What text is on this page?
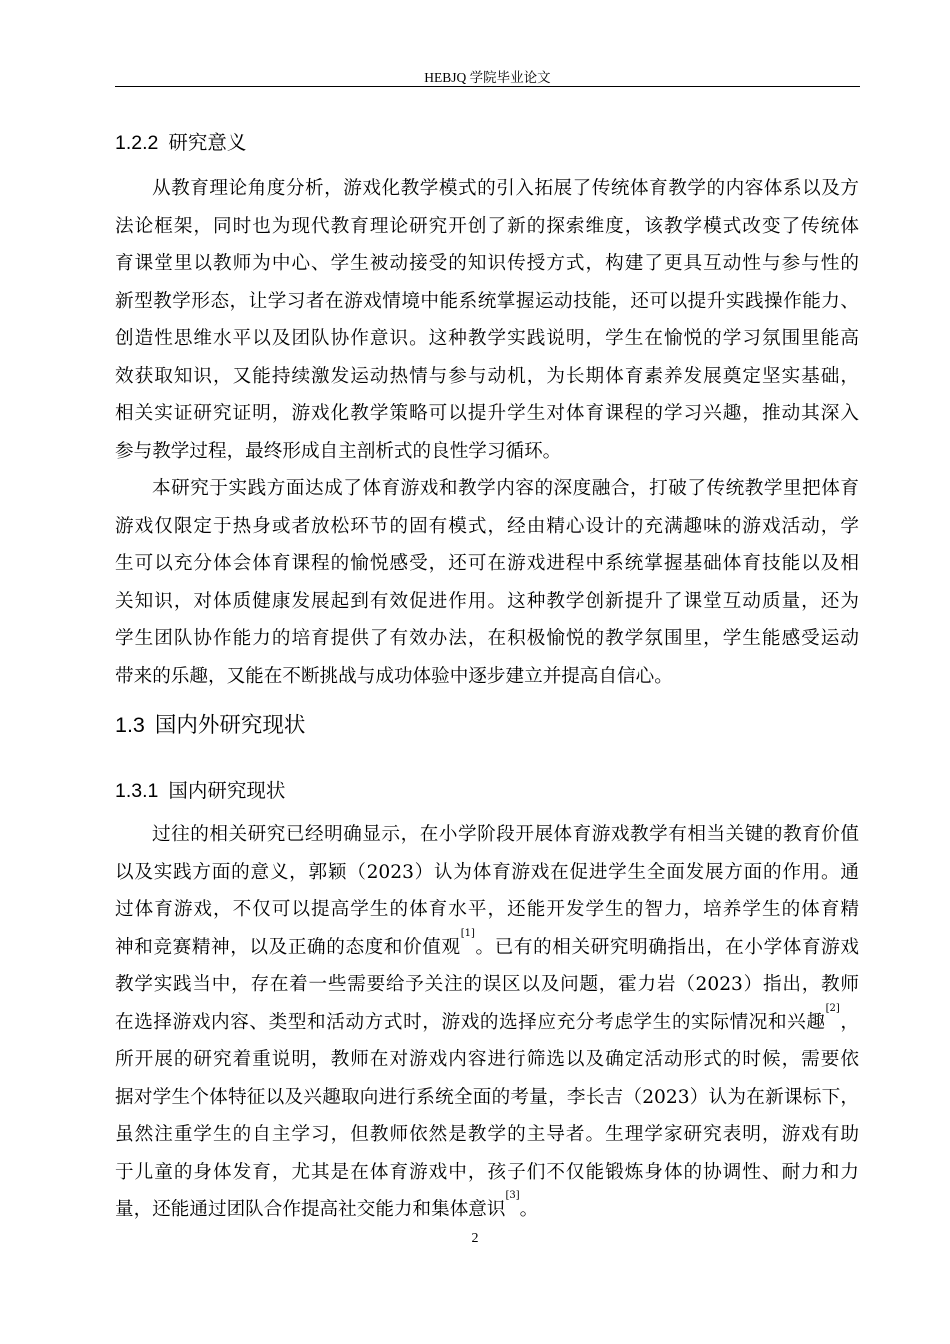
HEBJQ 学院毕业论文
1.2.2 研究意义
从教育理论角度分析，游戏化教学模式的引入拓展了传统体育教学的内容体系以及方
法论框架，同时也为现代教育理论研究开创了新的探索维度，该教学模式改变了传统体
育课堂里以教师为中心、学生被动接受的知识传授方式，构建了更具互动性与参与性的
新型教学形态，让学习者在游戏情境中能系统掌握运动技能，还可以提升实践操作能力、
创造性思维水平以及团队协作意识。这种教学实践说明，学生在愉悦的学习氛围里能高
效获取知识，又能持续激发运动热情与参与动机，为长期体育素养发展奠定坚实基础，
相关实证研究证明，游戏化教学策略可以提升学生对体育课程的学习兴趣，推动其深入
参与教学过程，最终形成自主剖析式的良性学习循环。
本研究于实践方面达成了体育游戏和教学内容的深度融合，打破了传统教学里把体育
游戏仅限定于热身或者放松环节的固有模式，经由精心设计的充满趣味的游戏活动，学
生可以充分体会体育课程的愉悦感受，还可在游戏进程中系统掌握基础体育技能以及相
关知识，对体质健康发展起到有效促进作用。这种教学创新提升了课堂互动质量，还为
学生团队协作能力的培育提供了有效办法，在积极愉悦的教学氛围里，学生能感受运动
带来的乐趣，又能在不断挑战与成功体验中逐步建立并提高自信心。
1.3 国内外研究现状
1.3.1 国内研究现状
过往的相关研究已经明确显示，在小学阶段开展体育游戏教学有相当关键的教育价值
以及实践方面的意义，郭颖（2023）认为体育游戏在促进学生全面发展方面的作用。通
过体育游戏，不仅可以提高学生的体育水平，还能开发学生的智力，培养学生的体育精
神和竞赛精神，以及正确的态度和价值观[1]。已有的相关研究明确指出，在小学体育游戏
教学实践当中，存在着一些需要给予关注的误区以及问题，霍力岩（2023）指出，教师
在选择游戏内容、类型和活动方式时，游戏的选择应充分考虑学生的实际情况和兴趣[2]，
所开展的研究着重说明，教师在对游戏内容进行筛选以及确定活动形式的时候，需要依
据对学生个体特征以及兴趣取向进行系统全面的考量，李长吉（2023）认为在新课标下，
虽然注重学生的自主学习，但教师依然是教学的主导者。生理学家研究表明，游戏有助
于儿童的身体发育，尤其是在体育游戏中，孩子们不仅能锻炼身体的协调性、耐力和力
量，还能通过团队合作提高社交能力和集体意识[3]。
2
